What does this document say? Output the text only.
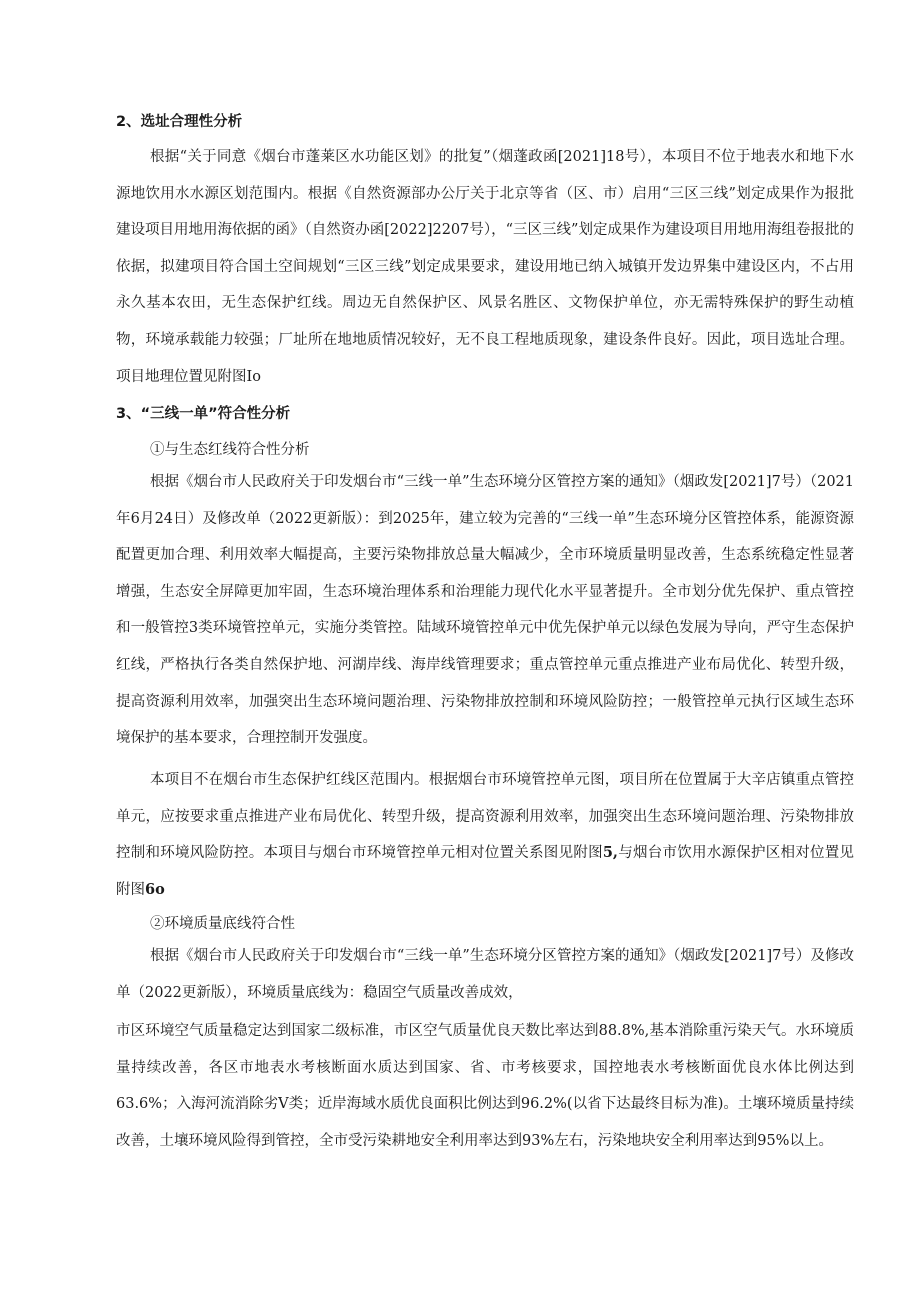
2、选址合理性分析

根据“关于同意《烟台市蓬莱区水功能区划》的批复”（烟蓬政函[2021]18号），本项目不位于地表水和地下水源地饮用水水源区划范围内。根据《自然资源部办公厅关于北京等省（区、市）启用“三区三线”划定成果作为报批建设项目用地用海依据的函》（自然资办函[2022]2207号），“三区三线”划定成果作为建设项目用地用海组卷报批的依据，拟建项目符合国土空间规划“三区三线”划定成果要求，建设用地已纳入城镇开发边界集中建设区内，不占用永久基本农田，无生态保护红线。周边无自然保护区、风景名胜区、文物保护单位，亦无需特殊保护的野生动植物，环境承载能力较强；厂址所在地地质情况较好，无不良工程地质现象，建设条件良好。因此，项目选址合理。项目地理位置见附图Io

3、“三线一单”符合性分析
①与生态红线符合性分析

根据《烟台市人民政府关于印发烟台市“三线一单”生态环境分区管控方案的通知》（烟政发[2021]7号）（2021年6月24日）及修改单（2022更新版）：到2025年，建立较为完善的“三线一单”生态环境分区管控体系，能源资源配置更加合理、利用效率大幅提高，主要污染物排放总量大幅减少，全市环境质量明显改善，生态系统稳定性显著增强，生态安全屏障更加牢固，生态环境治理体系和治理能力现代化水平显著提升。全市划分优先保护、重点管控和一般管控3类环境管控单元，实施分类管控。陆域环境管控单元中优先保护单元以绿色发展为导向，严守生态保护红线，严格执行各类自然保护地、河湖岸线、海岸线管理要求；重点管控单元重点推进产业布局优化、转型升级，提高资源利用效率，加强突出生态环境问题治理、污染物排放控制和环境风险防控；一般管控单元执行区域生态环境保护的基本要求，合理控制开发强度。

本项目不在烟台市生态保护红线区范围内。根据烟台市环境管控单元图，项目所在位置属于大辛店镇重点管控单元，应按要求重点推进产业布局优化、转型升级，提高资源利用效率，加强突出生态环境问题治理、污染物排放控制和环境风险防控。本项目与烟台市环境管控单元相对位置关系图见附图5,与烟台市饮用水源保护区相对位置见附图6o

②环境质量底线符合性

根据《烟台市人民政府关于印发烟台市“三线一单”生态环境分区管控方案的通知》（烟政发[2021]7号）及修改单（2022更新版），环境质量底线为：稳固空气质量改善成效，

市区环境空气质量稳定达到国家二级标准，市区空气质量优良天数比率达到88.8%,基本消除重污染天气。水环境质量持续改善，各区市地表水考核断面水质达到国家、省、市考核要求，国控地表水考核断面优良水体比例达到63.6%；入海河流消除劣V类；近岸海域水质优良面积比例达到96.2%(以省下达最终目标为准)。土壤环境质量持续改善，土壤环境风险得到管控，全市受污染耕地安全利用率达到93%左右，污染地块安全利用率达到95%以上。
